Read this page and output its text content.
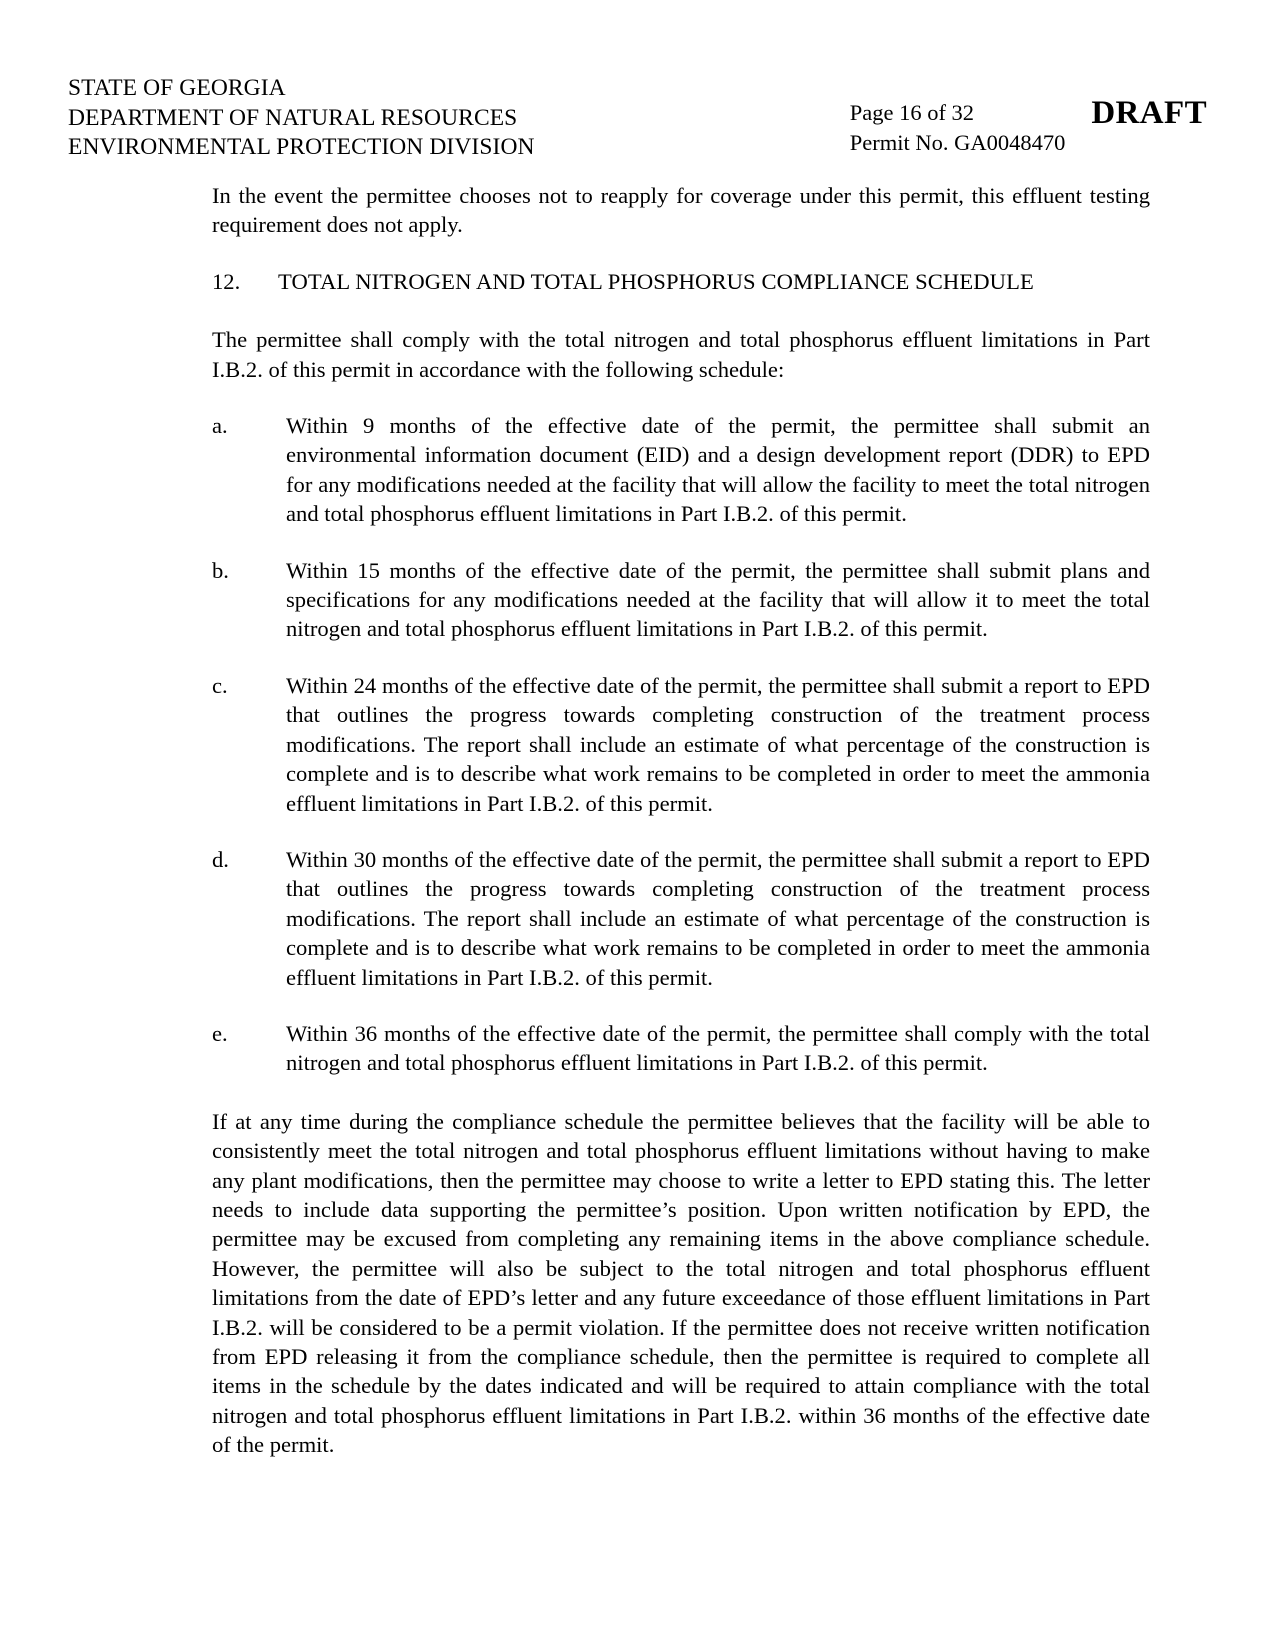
STATE OF GEORGIA
DEPARTMENT OF NATURAL RESOURCES
ENVIRONMENTAL PROTECTION DIVISION
Page 16 of 32
Permit No. GA0048470
DRAFT

In the event the permittee chooses not to reapply for coverage under this permit, this effluent testing requirement does not apply.

12.	TOTAL NITROGEN AND TOTAL PHOSPHORUS COMPLIANCE SCHEDULE

The permittee shall comply with the total nitrogen and total phosphorus effluent limitations in Part I.B.2. of this permit in accordance with the following schedule:

a.	Within 9 months of the effective date of the permit, the permittee shall submit an environmental information document (EID) and a design development report (DDR) to EPD for any modifications needed at the facility that will allow the facility to meet the total nitrogen and total phosphorus effluent limitations in Part I.B.2. of this permit.
b.	Within 15 months of the effective date of the permit, the permittee shall submit plans and specifications for any modifications needed at the facility that will allow it to meet the total nitrogen and total phosphorus effluent limitations in Part I.B.2. of this permit.
c.	Within 24 months of the effective date of the permit, the permittee shall submit a report to EPD that outlines the progress towards completing construction of the treatment process modifications. The report shall include an estimate of what percentage of the construction is complete and is to describe what work remains to be completed in order to meet the ammonia effluent limitations in Part I.B.2. of this permit.
d.	Within 30 months of the effective date of the permit, the permittee shall submit a report to EPD that outlines the progress towards completing construction of the treatment process modifications. The report shall include an estimate of what percentage of the construction is complete and is to describe what work remains to be completed in order to meet the ammonia effluent limitations in Part I.B.2. of this permit.
e.	Within 36 months of the effective date of the permit, the permittee shall comply with the total nitrogen and total phosphorus effluent limitations in Part I.B.2. of this permit.

If at any time during the compliance schedule the permittee believes that the facility will be able to consistently meet the total nitrogen and total phosphorus effluent limitations without having to make any plant modifications, then the permittee may choose to write a letter to EPD stating this. The letter needs to include data supporting the permittee’s position. Upon written notification by EPD, the permittee may be excused from completing any remaining items in the above compliance schedule. However, the permittee will also be subject to the total nitrogen and total phosphorus effluent limitations from the date of EPD’s letter and any future exceedance of those effluent limitations in Part I.B.2. will be considered to be a permit violation. If the permittee does not receive written notification from EPD releasing it from the compliance schedule, then the permittee is required to complete all items in the schedule by the dates indicated and will be required to attain compliance with the total nitrogen and total phosphorus effluent limitations in Part I.B.2. within 36 months of the effective date of the permit.
